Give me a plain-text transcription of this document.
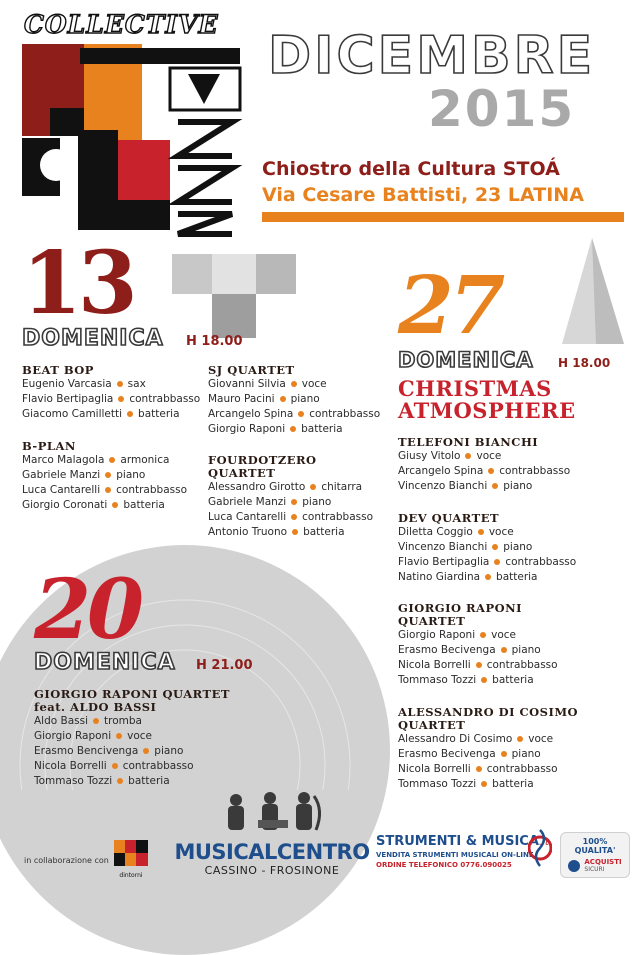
COLLECTIVE
DICEMBRE
2015
Chiostro della Cultura STOÁ
Via Cesare Battisti, 23 LATINA
13
DOMENICA H 18.00
BEAT BOP
Eugenio Varcasia sax
Flavio Bertipaglia contrabbasso
Giacomo Camilletti batteria
B-PLAN
Marco Malagola armonica
Gabriele Manzi piano
Luca Cantarelli contrabbasso
Giorgio Coronati batteria
SJ QUARTET
Giovanni Silvia voce
Mauro Pacini piano
Arcangelo Spina contrabbasso
Giorgio Raponi batteria
FOURDOTZERO QUARTET
Alessandro Girotto chitarra
Gabriele Manzi piano
Luca Cantarelli contrabbasso
Antonio Truono batteria
27
DOMENICA H 18.00
CHRISTMAS ATMOSPHERE
TELEFONI BIANCHI
Giusy Vitolo voce
Arcangelo Spina contrabbasso
Vincenzo Bianchi piano
DEV QUARTET
Diletta Coggio voce
Vincenzo Bianchi piano
Flavio Bertipaglia contrabbasso
Natino Giardina batteria
GIORGIO RAPONI QUARTET
Giorgio Raponi voce
Erasmo Becivenga piano
Nicola Borrelli contrabbasso
Tommaso Tozzi batteria
ALESSANDRO DI COSIMO QUARTET
Alessandro Di Cosimo voce
Erasmo Becivenga piano
Nicola Borrelli contrabbasso
Tommaso Tozzi batteria
20
DOMENICA H 21.00
GIORGIO RAPONI QUARTET
feat. ALDO BASSI
Aldo Bassi tromba
Giorgio Raponi voce
Erasmo Bencivenga piano
Nicola Borrelli contrabbasso
Tommaso Tozzi batteria
in collaborazione con
dintorni
MUSICALCENTRO
CASSINO - FROSINONE
STRUMENTI & MUSICA.it
VENDITA STRUMENTI MUSICALI ON-LINE
ORDINE TELEFONICO 0776.090025
100% QUALITA'
ACQUISTI
SICURI
